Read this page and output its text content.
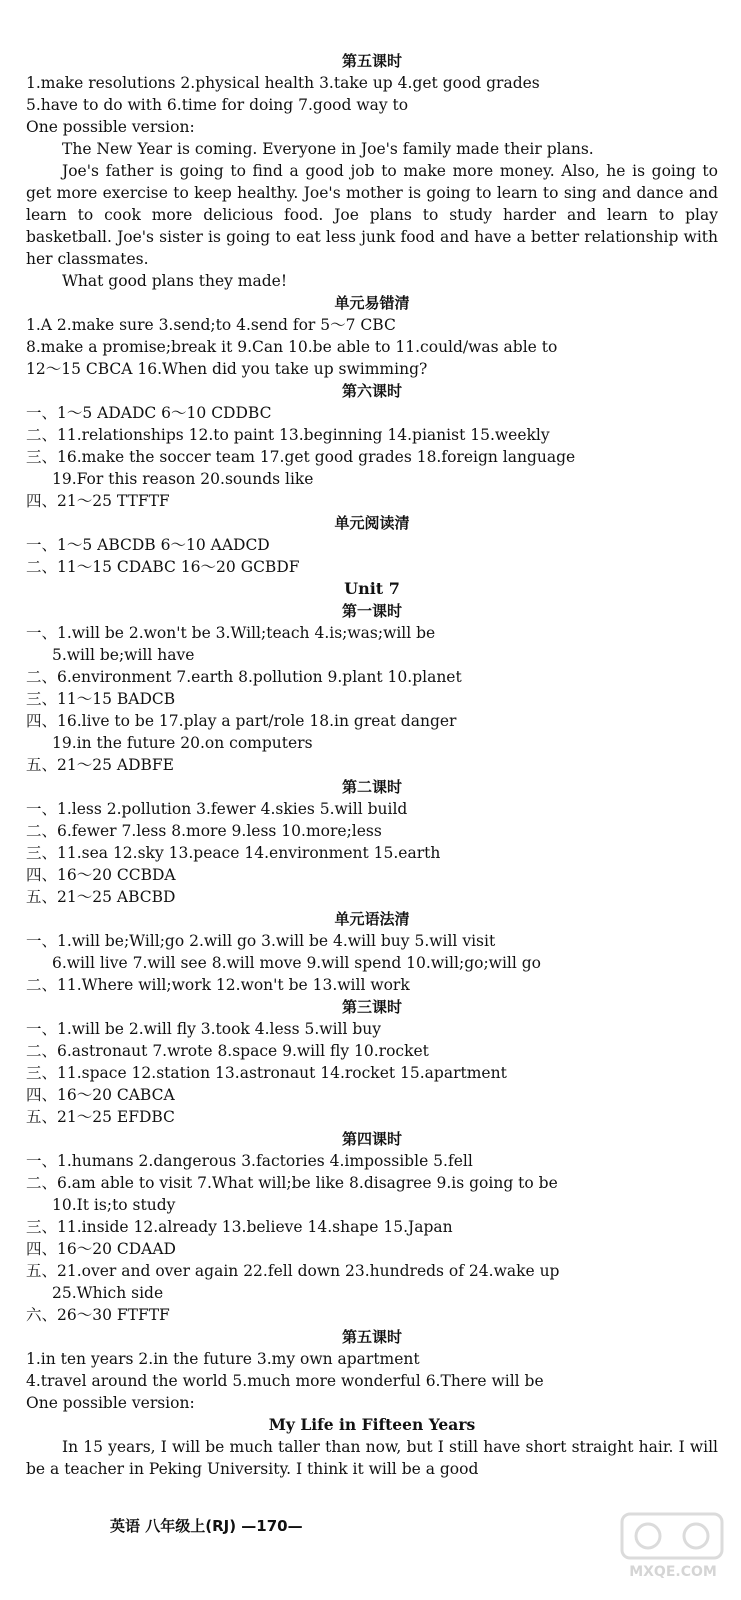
第五课时
1.make resolutions 2.physical health 3.take up 4.get good grades
5.have to do with 6.time for doing 7.good way to
One possible version:
The New Year is coming. Everyone in Joe's family made their plans.
Joe's father is going to find a good job to make more money. Also, he is going to get more exercise to keep healthy. Joe's mother is going to learn to sing and dance and learn to cook more delicious food. Joe plans to study harder and learn to play basketball. Joe's sister is going to eat less junk food and have a better relationship with her classmates.
What good plans they made!
单元易错清
1.A 2.make sure 3.send;to 4.send for 5～7 CBC
8.make a promise;break it 9.Can 10.be able to 11.could/was able to
12～15 CBCA 16.When did you take up swimming?
第六课时
一、1～5 ADADC 6～10 CDDBC
二、11.relationships 12.to paint 13.beginning 14.pianist 15.weekly
三、16.make the soccer team 17.get good grades 18.foreign language
19.For this reason 20.sounds like
四、21～25 TTFTF
单元阅读清
一、1～5 ABCDB 6～10 AADCD
二、11～15 CDABC 16～20 GCBDF
Unit 7
第一课时
一、1.will be 2.won't be 3.Will;teach 4.is;was;will be
5.will be;will have
二、6.environment 7.earth 8.pollution 9.plant 10.planet
三、11～15 BADCB
四、16.live to be 17.play a part/role 18.in great danger
19.in the future 20.on computers
五、21～25 ADBFE
第二课时
一、1.less 2.pollution 3.fewer 4.skies 5.will build
二、6.fewer 7.less 8.more 9.less 10.more;less
三、11.sea 12.sky 13.peace 14.environment 15.earth
四、16～20 CCBDA
五、21～25 ABCBD
单元语法清
一、1.will be;Will;go 2.will go 3.will be 4.will buy 5.will visit
6.will live 7.will see 8.will move 9.will spend 10.will;go;will go
二、11.Where will;work 12.won't be 13.will work
第三课时
一、1.will be 2.will fly 3.took 4.less 5.will buy
二、6.astronaut 7.wrote 8.space 9.will fly 10.rocket
三、11.space 12.station 13.astronaut 14.rocket 15.apartment
四、16～20 CABCA
五、21～25 EFDBC
第四课时
一、1.humans 2.dangerous 3.factories 4.impossible 5.fell
二、6.am able to visit 7.What will;be like 8.disagree 9.is going to be
10.It is;to study
三、11.inside 12.already 13.believe 14.shape 15.Japan
四、16～20 CDAAD
五、21.over and over again 22.fell down 23.hundreds of 24.wake up
25.Which side
六、26～30 FTFTF
第五课时
1.in ten years 2.in the future 3.my own apartment
4.travel around the world 5.much more wonderful 6.There will be
One possible version:
My Life in Fifteen Years
In 15 years, I will be much taller than now, but I still have short straight hair. I will be a teacher in Peking University. I think it will be a good
英语 八年级上(RJ) —170—
MXQE.COM
